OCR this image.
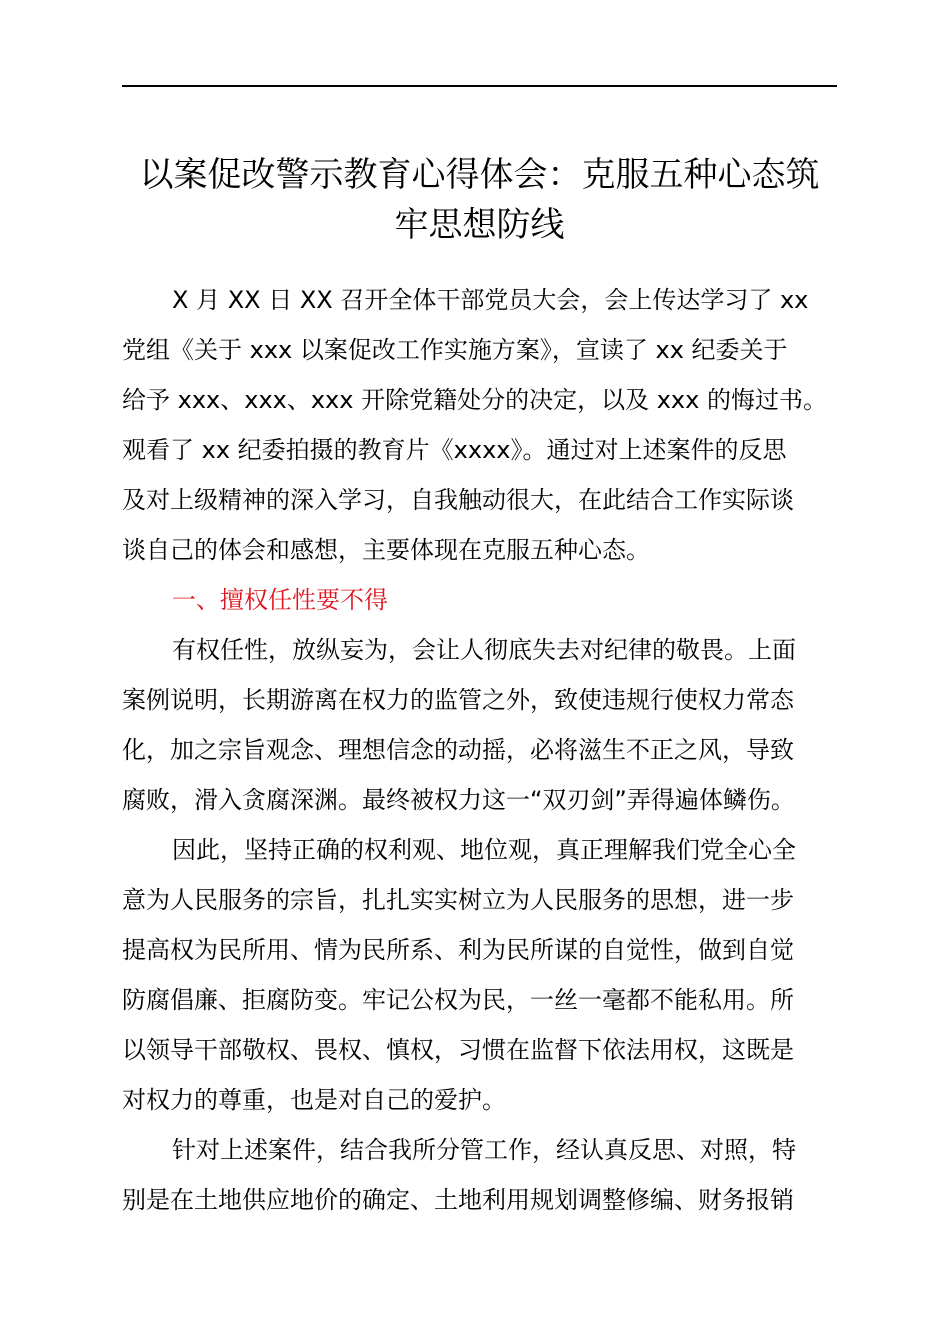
以案促改警示教育心得体会：克服五种心态筑
牢思想防线
X 月 XX 日 XX 召开全体干部党员大会，会上传达学习了 xx
党组《关于 xxx 以案促改工作实施方案》，宣读了 xx 纪委关于
给予 xxx、xxx、xxx 开除党籍处分的决定，以及 xxx 的悔过书。
观看了 xx 纪委拍摄的教育片《xxxx》。通过对上述案件的反思
及对上级精神的深入学习，自我触动很大，在此结合工作实际谈
谈自己的体会和感想，主要体现在克服五种心态。
一、擅权任性要不得
有权任性，放纵妄为，会让人彻底失去对纪律的敬畏。上面
案例说明，长期游离在权力的监管之外，致使违规行使权力常态
化，加之宗旨观念、理想信念的动摇，必将滋生不正之风，导致
腐败，滑入贪腐深渊。最终被权力这一“双刃剑”弄得遍体鳞伤。
因此，坚持正确的权利观、地位观，真正理解我们党全心全
意为人民服务的宗旨，扎扎实实树立为人民服务的思想，进一步
提高权为民所用、情为民所系、利为民所谋的自觉性，做到自觉
防腐倡廉、拒腐防变。牢记公权为民，一丝一毫都不能私用。所
以领导干部敬权、畏权、慎权，习惯在监督下依法用权，这既是
对权力的尊重，也是对自己的爱护。
针对上述案件，结合我所分管工作，经认真反思、对照，特
别是在土地供应地价的确定、土地利用规划调整修编、财务报销
